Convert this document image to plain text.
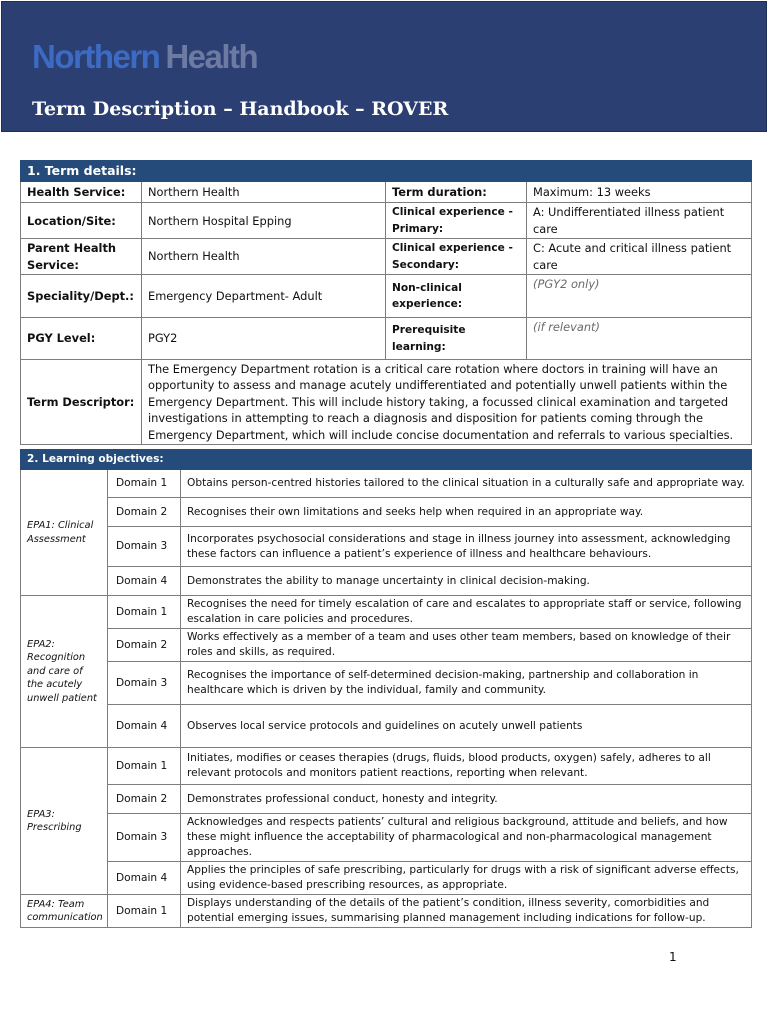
Northern Health
Term Description – Handbook – ROVER
1. Term details:			
Health Service:	Northern Health	Term duration:	Maximum: 13 weeks
Location/Site:	Northern Hospital Epping	Clinical experience - Primary:	A: Undifferentiated illness patient care
Parent Health Service:	Northern Health	Clinical experience - Secondary:	C: Acute and critical illness patient care
Speciality/Dept.:	Emergency Department- Adult	Non-clinical experience:	(PGY2 only)
PGY Level:	PGY2	Prerequisite learning:	(if relevant)
Term Descriptor:	The Emergency Department rotation is a critical care rotation where doctors in training will have an opportunity to assess and manage acutely undifferentiated and potentially unwell patients within the Emergency Department. This will include history taking, a focussed clinical examination and targeted investigations in attempting to reach a diagnosis and disposition for patients coming through the Emergency Department, which will include concise documentation and referrals to various specialties.		
2. Learning objectives:		
EPA1: Clinical Assessment	Domain 1	Obtains person-centred histories tailored to the clinical situation in a culturally safe and appropriate way.
	Domain 2	Recognises their own limitations and seeks help when required in an appropriate way.
	Domain 3	Incorporates psychosocial considerations and stage in illness journey into assessment, acknowledging these factors can influence a patient’s experience of illness and healthcare behaviours.
	Domain 4	Demonstrates the ability to manage uncertainty in clinical decision-making.
EPA2: Recognition and care of the acutely unwell patient	Domain 1	Recognises the need for timely escalation of care and escalates to appropriate staff or service, following escalation in care policies and procedures.
	Domain 2	Works effectively as a member of a team and uses other team members, based on knowledge of their roles and skills, as required.
	Domain 3	Recognises the importance of self-determined decision-making, partnership and collaboration in healthcare which is driven by the individual, family and community.
	Domain 4	Observes local service protocols and guidelines on acutely unwell patients
EPA3: Prescribing	Domain 1	Initiates, modifies or ceases therapies (drugs, fluids, blood products, oxygen) safely, adheres to all relevant protocols and monitors patient reactions, reporting when relevant.
	Domain 2	Demonstrates professional conduct, honesty and integrity.
	Domain 3	Acknowledges and respects patients’ cultural and religious background, attitude and beliefs, and how these might influence the acceptability of pharmacological and non-pharmacological management approaches.
	Domain 4	Applies the principles of safe prescribing, particularly for drugs with a risk of significant adverse effects, using evidence-based prescribing resources, as appropriate.
EPA4: Team communication	Domain 1	Displays understanding of the details of the patient’s condition, illness severity, comorbidities and potential emerging issues, summarising planned management including indications for follow-up.
1
